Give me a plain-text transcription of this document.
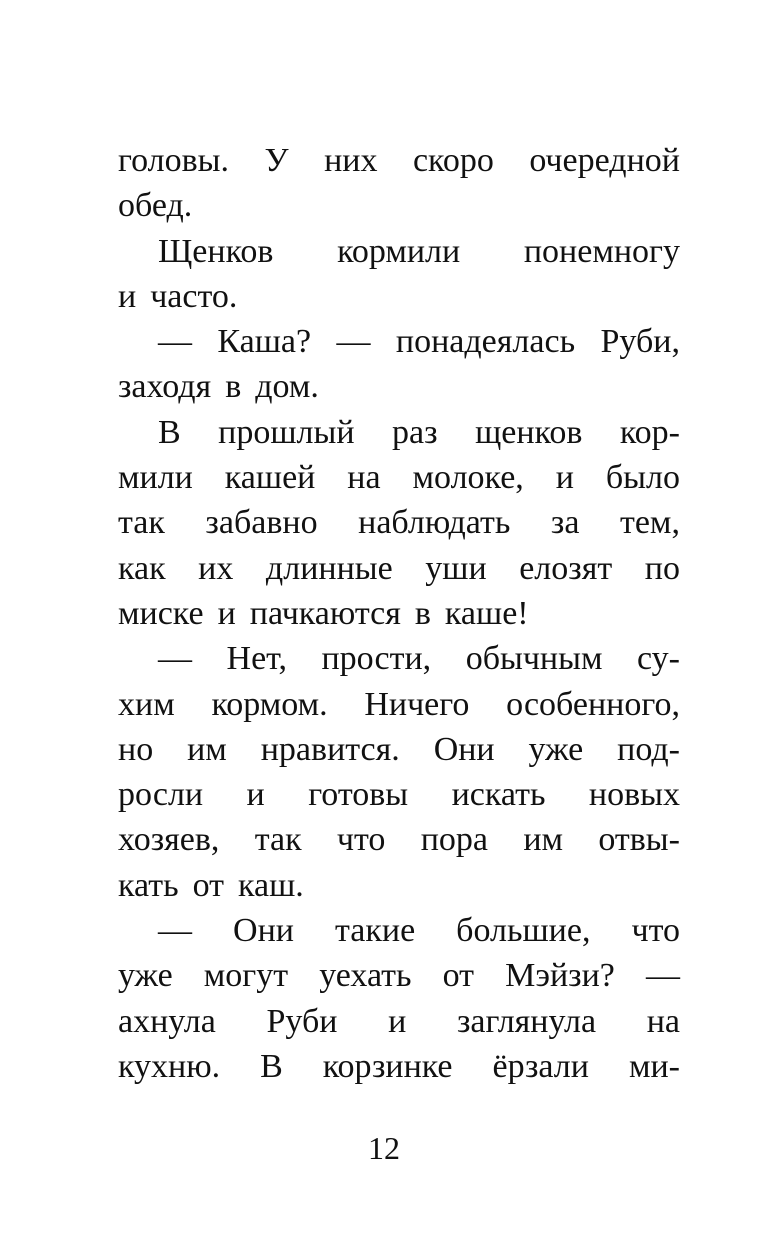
головы. У них скоро очередной
обед.
Щенков кормили понемногу
и часто.
— Каша? — понадеялась Руби,
заходя в дом.
В прошлый раз щенков кор-
мили кашей на молоке, и было
так забавно наблюдать за тем,
как их длинные уши елозят по
миске и пачкаются в каше!
— Нет, прости, обычным су-
хим кормом. Ничего особенного,
но им нравится. Они уже под-
росли и готовы искать новых
хозяев, так что пора им отвы-
кать от каш.
— Они такие большие, что
уже могут уехать от Мэйзи? —
ахнула Руби и заглянула на
кухню. В корзинке ёрзали ми-
12
